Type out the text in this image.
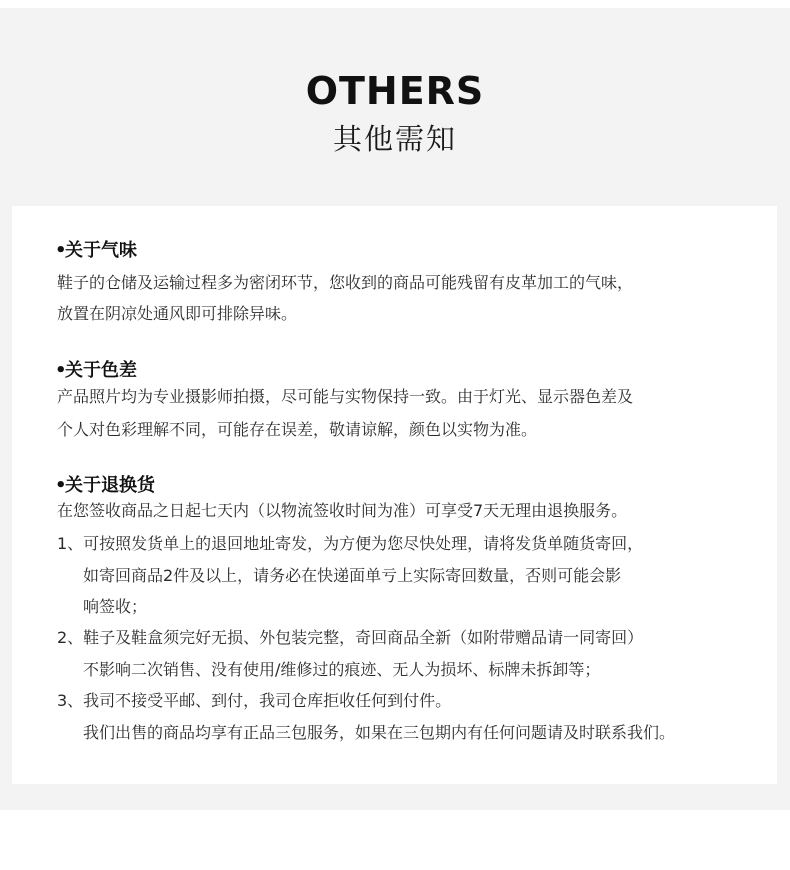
OTHERS
其他需知
•关于气味
鞋子的仓储及运输过程多为密闭环节，您收到的商品可能残留有皮革加工的气味，
放置在阴凉处通风即可排除异味。
•关于色差
产品照片均为专业摄影师拍摄，尽可能与实物保持一致。由于灯光、显示器色差及
个人对色彩理解不同，可能存在误差，敬请谅解，颜色以实物为准。
•关于退换货
在您签收商品之日起七天内（以物流签收时间为准）可享受7天无理由退换服务。
1、可按照发货单上的退回地址寄发，为方便为您尽快处理，请将发货单随货寄回，
如寄回商品2件及以上，请务必在快递面单亏上实际寄回数量，否则可能会影
响签收；
2、鞋子及鞋盒须完好无损、外包装完整，奇回商品全新（如附带赠品请一同寄回）
不影响二次销售、没有使用/维修过的痕迹、无人为损坏、标牌未拆卸等；
3、我司不接受平邮、到付，我司仓库拒收任何到付件。
我们出售的商品均享有正品三包服务，如果在三包期内有任何问题请及时联系我们。
